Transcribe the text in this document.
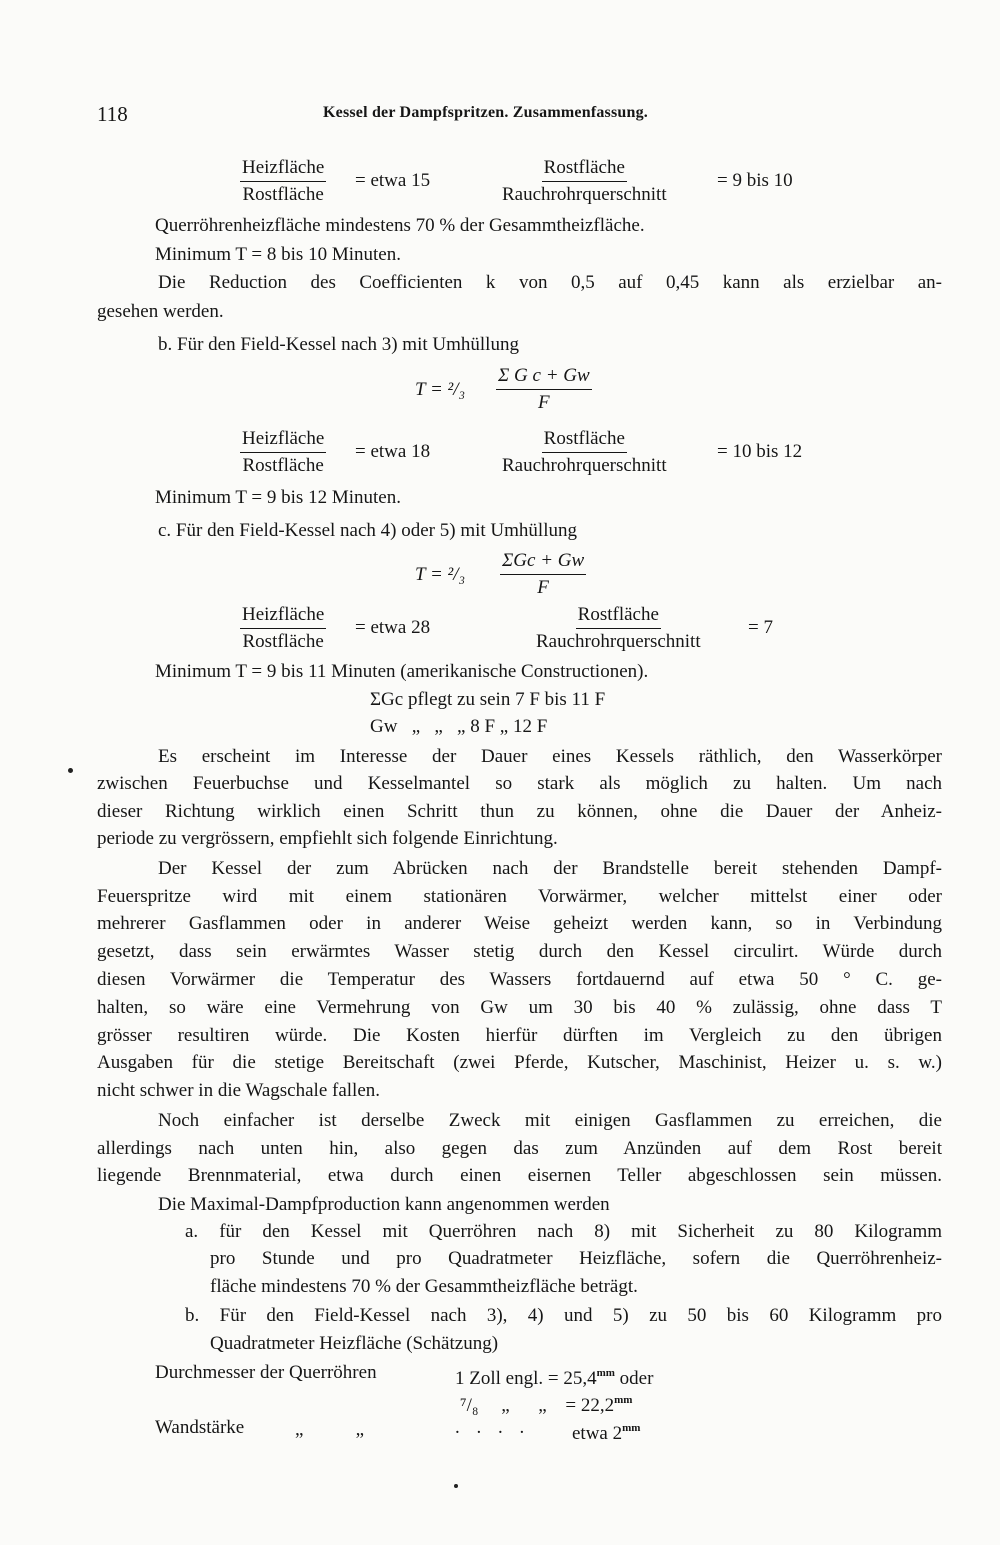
118	Kessel der Dampfspritzen. Zusammenfassung.
Heizfläche
Rostfläche
= etwa 15
Rostfläche
Rauchrohrquerschnitt
= 9 bis 10
Querröhrenheizfläche mindestens 70 % der Gesammtheizfläche.
Minimum T = 8 bis 10 Minuten.
Die Reduction des Coefficienten k von 0,5 auf 0,45 kann als erzielbar an-
gesehen werden.
b. Für den Field-Kessel nach 3) mit Umhüllung
$T = ^2/_3 \frac{\text{Σ G c + Gw}}{F}$
Heizfläche
Rostfläche
= etwa 18
Rostfläche
Rauchrohrquerschnitt
= 10 bis 12
Minimum T = 9 bis 12 Minuten.
c. Für den Field-Kessel nach 4) oder 5) mit Umhüllung
T = ²/₃
ΣGc + Gw
F
Heizfläche
Rostfläche
= etwa 28
Rostfläche
Rauchrohrquerschnitt
= 7
Minimum T = 9 bis 11 Minuten (amerikanische Constructionen).
ΣGc pflegt zu sein 7 F bis 11 F
Gw   „   „   „ 8 F „ 12 F
Es erscheint im Interesse der Dauer eines Kessels räthlich, den Wasserkörper
zwischen Feuerbuchse und Kesselmantel so stark als möglich zu halten. Um nach
dieser Richtung wirklich einen Schritt thun zu können, ohne die Dauer der Anheiz-
periode zu vergrössern, empfiehlt sich folgende Einrichtung.
Der Kessel der zum Abrücken nach der Brandstelle bereit stehenden Dampf-
Feuerspritze wird mit einem stationären Vorwärmer, welcher mittelst einer oder
mehrerer Gasflammen oder in anderer Weise geheizt werden kann, so in Verbindung
gesetzt, dass sein erwärmtes Wasser stetig durch den Kessel circulirt. Würde durch
diesen Vorwärmer die Temperatur des Wassers fortdauernd auf etwa 50 ° C. ge-
halten, so wäre eine Vermehrung von Gw um 30 bis 40 % zulässig, ohne dass T
grösser resultiren würde. Die Kosten hierfür dürften im Vergleich zu den übrigen
Ausgaben für die stetige Bereitschaft (zwei Pferde, Kutscher, Maschinist, Heizer u. s. w.)
nicht schwer in die Wagschale fallen.
Noch einfacher ist derselbe Zweck mit einigen Gasflammen zu erreichen, die
allerdings nach unten hin, also gegen das zum Anzünden auf dem Rost bereit
liegende Brennmaterial, etwa durch einen eisernen Teller abgeschlossen sein müssen.
Die Maximal-Dampfproduction kann angenommen werden
a. für den Kessel mit Querröhren nach 8) mit Sicherheit zu 80 Kilogramm
pro Stunde und pro Quadratmeter Heizfläche, sofern die Querröhrenheiz-
fläche mindestens 70 % der Gesammtheizfläche beträgt.
b. Für den Field-Kessel nach 3), 4) und 5) zu 50 bis 60 Kilogramm pro
Quadratmeter Heizfläche (Schätzung)
Durchmesser der Querröhren	1 Zoll engl. = $25,4^{mm}$ oder
⁷/₈ „      „ = $22,2^{mm}$
Wandstärke	„           „	. . . . etwa $2^{mm}$
